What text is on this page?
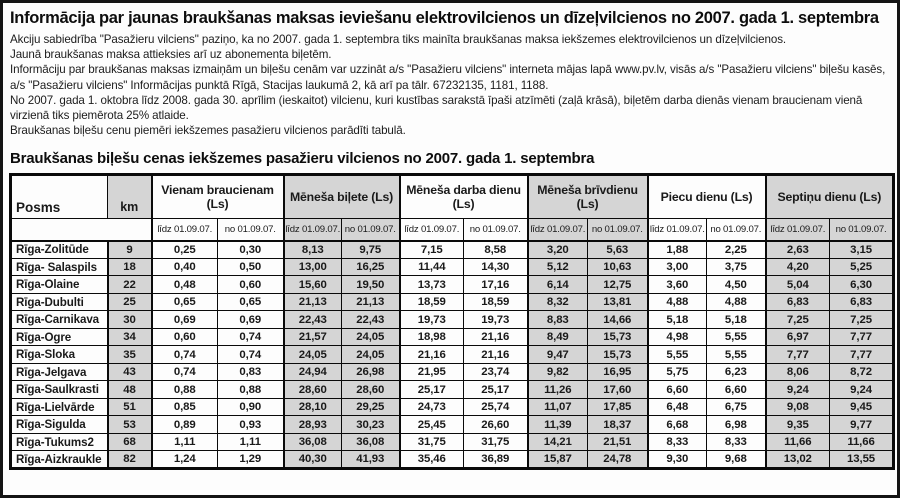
Informācija par jaunas braukšanas maksas ieviešanu elektrovilcienos un dīzeļvilcienos no 2007. gada 1. septembra

Akciju sabiedrība "Pasažieru vilciens" paziņo, ka no 2007. gada 1. septembra tiks mainīta braukšanas maksa iekšzemes elektrovilcienos un dīzeļvilcienos.

Jaunā braukšanas maksa attieksies arī uz abonementa biļetēm.

Informāciju par braukšanas maksas izmaiņām un biļešu cenām var uzzināt a/s "Pasažieru vilciens" interneta mājas lapā www.pv.lv, visās a/s "Pasažieru vilciens" biļešu kasēs, a/s "Pasažieru vilciens" Informācijas punktā Rīgā, Stacijas laukumā 2, kā arī pa tālr. 67232135, 1181, 1188.

No 2007. gada 1. oktobra līdz 2008. gada 30. aprīlim (ieskaitot) vilcienu, kuri kustības sarakstā īpaši atzīmēti (zaļā krāsā), biļetēm darba dienās vienam braucienam vienā virzienā tiks piemērota 25% atlaide.

Braukšanas biļešu cenu piemēri iekšzemes pasažieru vilcienos parādīti tabulā.

Braukšanas biļešu cenas iekšzemes pasažieru vilcienos no 2007. gada 1. septembra
Posms	km	Vienam braucienam (Ls)		Mēneša biļete (Ls)		Mēneša darba dienu (Ls)		Mēneša brīvdienu (Ls)		Piecu dienu (Ls)		Septiņu dienu (Ls)	
		līdz 01.09.07.	no 01.09.07.	līdz 01.09.07.	no 01.09.07.	līdz 01.09.07.	no 01.09.07.	līdz 01.09.07.	no 01.09.07.	līdz 01.09.07.	no 01.09.07.	līdz 01.09.07.	no 01.09.07.
Rīga-Zolitūde	9	0,25	0,30	8,13	9,75	7,15	8,58	3,20	5,63	1,88	2,25	2,63	3,15
Rīga- Salaspils	18	0,40	0,50	13,00	16,25	11,44	14,30	5,12	10,63	3,00	3,75	4,20	5,25
Rīga-Olaine	22	0,48	0,60	15,60	19,50	13,73	17,16	6,14	12,75	3,60	4,50	5,04	6,30
Rīga-Dubulti	25	0,65	0,65	21,13	21,13	18,59	18,59	8,32	13,81	4,88	4,88	6,83	6,83
Rīga-Carnikava	30	0,69	0,69	22,43	22,43	19,73	19,73	8,83	14,66	5,18	5,18	7,25	7,25
Rīga-Ogre	34	0,60	0,74	21,57	24,05	18,98	21,16	8,49	15,73	4,98	5,55	6,97	7,77
Rīga-Sloka	35	0,74	0,74	24,05	24,05	21,16	21,16	9,47	15,73	5,55	5,55	7,77	7,77
Rīga-Jelgava	43	0,74	0,83	24,94	26,98	21,95	23,74	9,82	16,95	5,75	6,23	8,06	8,72
Rīga-Saulkrasti	48	0,88	0,88	28,60	28,60	25,17	25,17	11,26	17,60	6,60	6,60	9,24	9,24
Rīga-Lielvārde	51	0,85	0,90	28,10	29,25	24,73	25,74	11,07	17,85	6,48	6,75	9,08	9,45
Rīga-Sigulda	53	0,89	0,93	28,93	30,23	25,45	26,60	11,39	18,37	6,68	6,98	9,35	9,77
Rīga-Tukums2	68	1,11	1,11	36,08	36,08	31,75	31,75	14,21	21,51	8,33	8,33	11,66	11,66
Rīga-Aizkraukle	82	1,24	1,29	40,30	41,93	35,46	36,89	15,87	24,78	9,30	9,68	13,02	13,55
